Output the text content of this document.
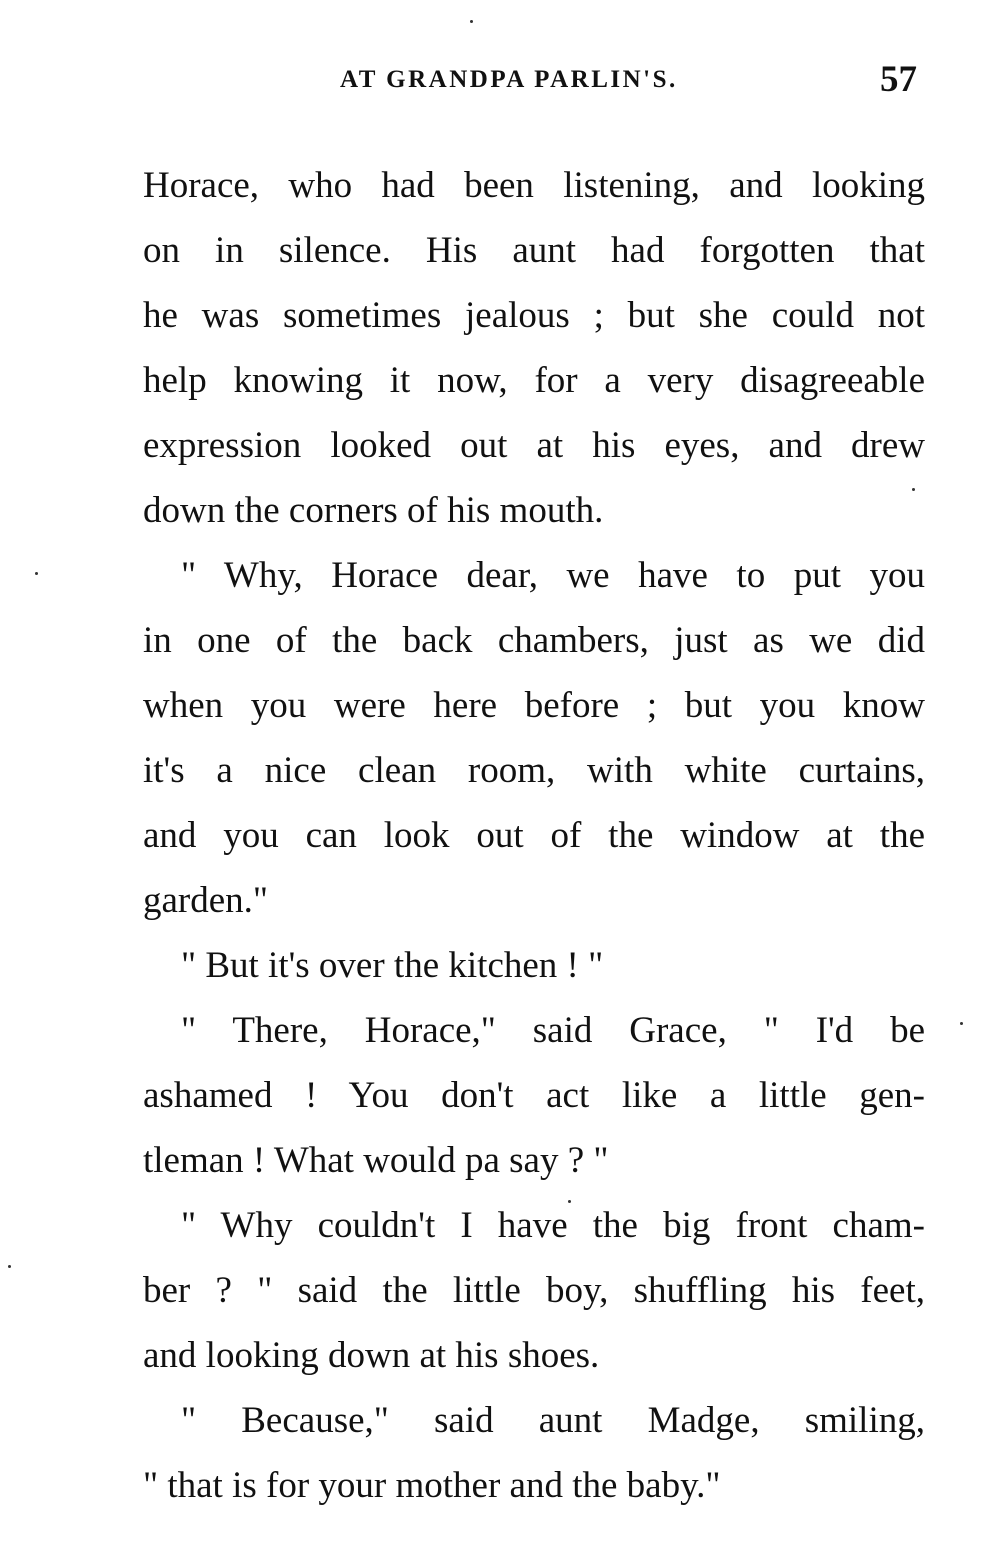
AT GRANDPA PARLIN'S.	57
Horace, who had been listening, and looking
on in silence. His aunt had forgotten that
he was sometimes jealous ; but she could not
help knowing it now, for a very disagreeable
expression looked out at his eyes, and drew
down the corners of his mouth.
" Why, Horace dear, we have to put you
in one of the back chambers, just as we did
when you were here before ; but you know
it's a nice clean room, with white curtains,
and you can look out of the window at the
garden."
" But it's over the kitchen ! "
" There, Horace," said Grace, " I'd be
ashamed ! You don't act like a little gen-
tleman ! What would pa say ? "
" Why couldn't I have the big front cham-
ber ? " said the little boy, shuffling his feet,
and looking down at his shoes.
" Because," said aunt Madge, smiling,
" that is for your mother and the baby."
